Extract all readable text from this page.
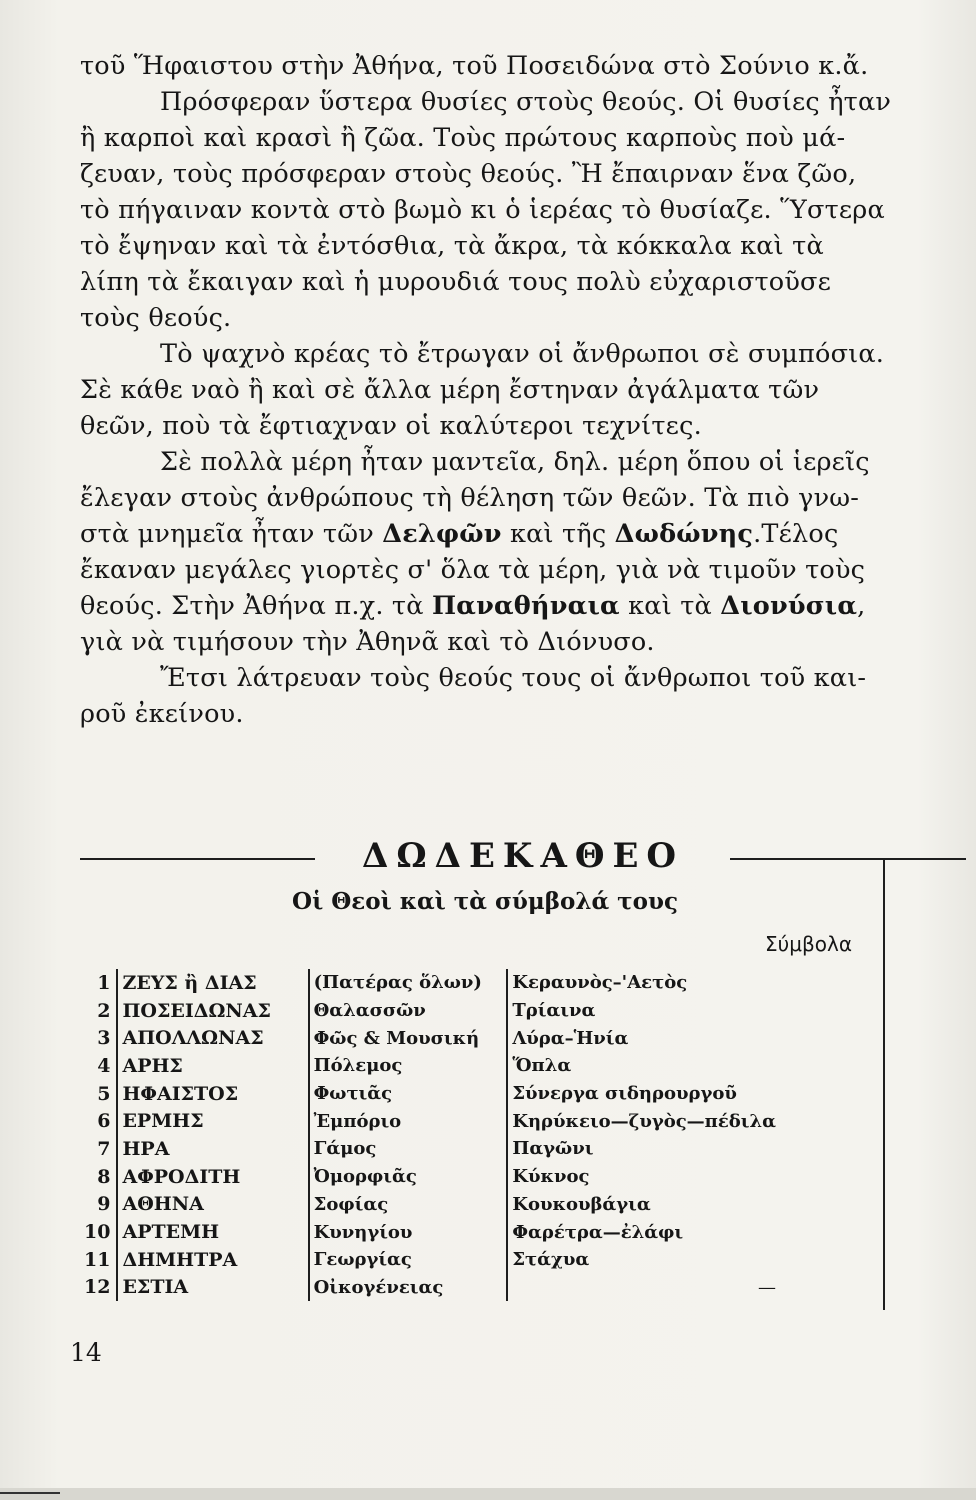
τοῦ Ἥφαιστου στὴν Ἀθήνα, τοῦ Ποσειδώνα στὸ Σούνιο κ.ἄ.
Πρόσφεραν ὕστερα θυσίες στοὺς θεούς. Οἱ θυσίες ἦταν
ἢ καρποὶ καὶ κρασὶ ἢ ζῶα. Τοὺς πρώτους καρποὺς ποὺ μά-
ζευαν, τοὺς πρόσφεραν στοὺς θεούς. Ἢ ἔπαιρναν ἕνα ζῶο,
τὸ πήγαιναν κοντὰ στὸ βωμὸ κι ὁ ἱερέας τὸ θυσίαζε. Ὕστερα
τὸ ἔψηναν καὶ τὰ ἐντόσθια, τὰ ἄκρα, τὰ κόκκαλα καὶ τὰ
λίπη τὰ ἔκαιγαν καὶ ἡ μυρουδιά τους πολὺ εὐχαριστοῦσε
τοὺς θεούς.
Τὸ ψαχνὸ κρέας τὸ ἔτρωγαν οἱ ἄνθρωποι σὲ συμπόσια.
Σὲ κάθε ναὸ ἢ καὶ σὲ ἄλλα μέρη ἔστηναν ἀγάλματα τῶν
θεῶν, ποὺ τὰ ἔφτιαχναν οἱ καλύτεροι τεχνίτες.
Σὲ πολλὰ μέρη ἦταν μαντεῖα, δηλ. μέρη ὅπου οἱ ἱερεῖς
ἔλεγαν στοὺς ἀνθρώπους τὴ θέληση τῶν θεῶν. Τὰ πιὸ γνω-
στὰ μνημεῖα ἦταν τῶν Δελφῶν καὶ τῆς Δωδώνης.Τέλος
ἔκαναν μεγάλες γιορτὲς σ' ὅλα τὰ μέρη, γιὰ νὰ τιμοῦν τοὺς
θεούς. Στὴν Ἀθήνα π.χ. τὰ Παναθήναια καὶ τὰ Διονύσια,
γιὰ νὰ τιμήσουν τὴν Ἀθηνᾶ καὶ τὸ Διόνυσο.
Ἔτσι λάτρευαν τοὺς θεούς τους οἱ ἄνθρωποι τοῦ και-
ροῦ ἐκείνου.
ΔΩΔΕΚΑΘΕΟ
Οἱ Θεοὶ καὶ τὰ σύμβολά τους
Σύμβολα
1	ΖΕΥΣ ἢ ΔΙΑΣ	(Πατέρας ὅλων)	Κεραυνὸς–'Αετὸς
2	ΠΟΣΕΙΔΩΝΑΣ	Θαλασσῶν	Τρίαινα
3	ΑΠΟΛΛΩΝΑΣ	Φῶς & Μουσική	Λύρα–Ἡνία
4	ΑΡΗΣ	Πόλεμος	Ὅπλα
5	ΗΦΑΙΣΤΟΣ	Φωτιᾶς	Σύνεργα σιδηρουργοῦ
6	ΕΡΜΗΣ	Ἐμπόριο	Κηρύκειο—ζυγὸς—πέδιλα
7	ΗΡΑ	Γάμος	Παγῶνι
8	ΑΦΡΟΔΙΤΗ	Ὀμορφιᾶς	Κύκνος
9	ΑΘΗΝΑ	Σοφίας	Κουκουβάγια
10	ΑΡΤΕΜΗ	Κυνηγίου	Φαρέτρα—ἐλάφι
11	ΔΗΜΗΤΡΑ	Γεωργίας	Στάχυα
12	ΕΣΤΙΑ	Οἰκογένειας	—
14
